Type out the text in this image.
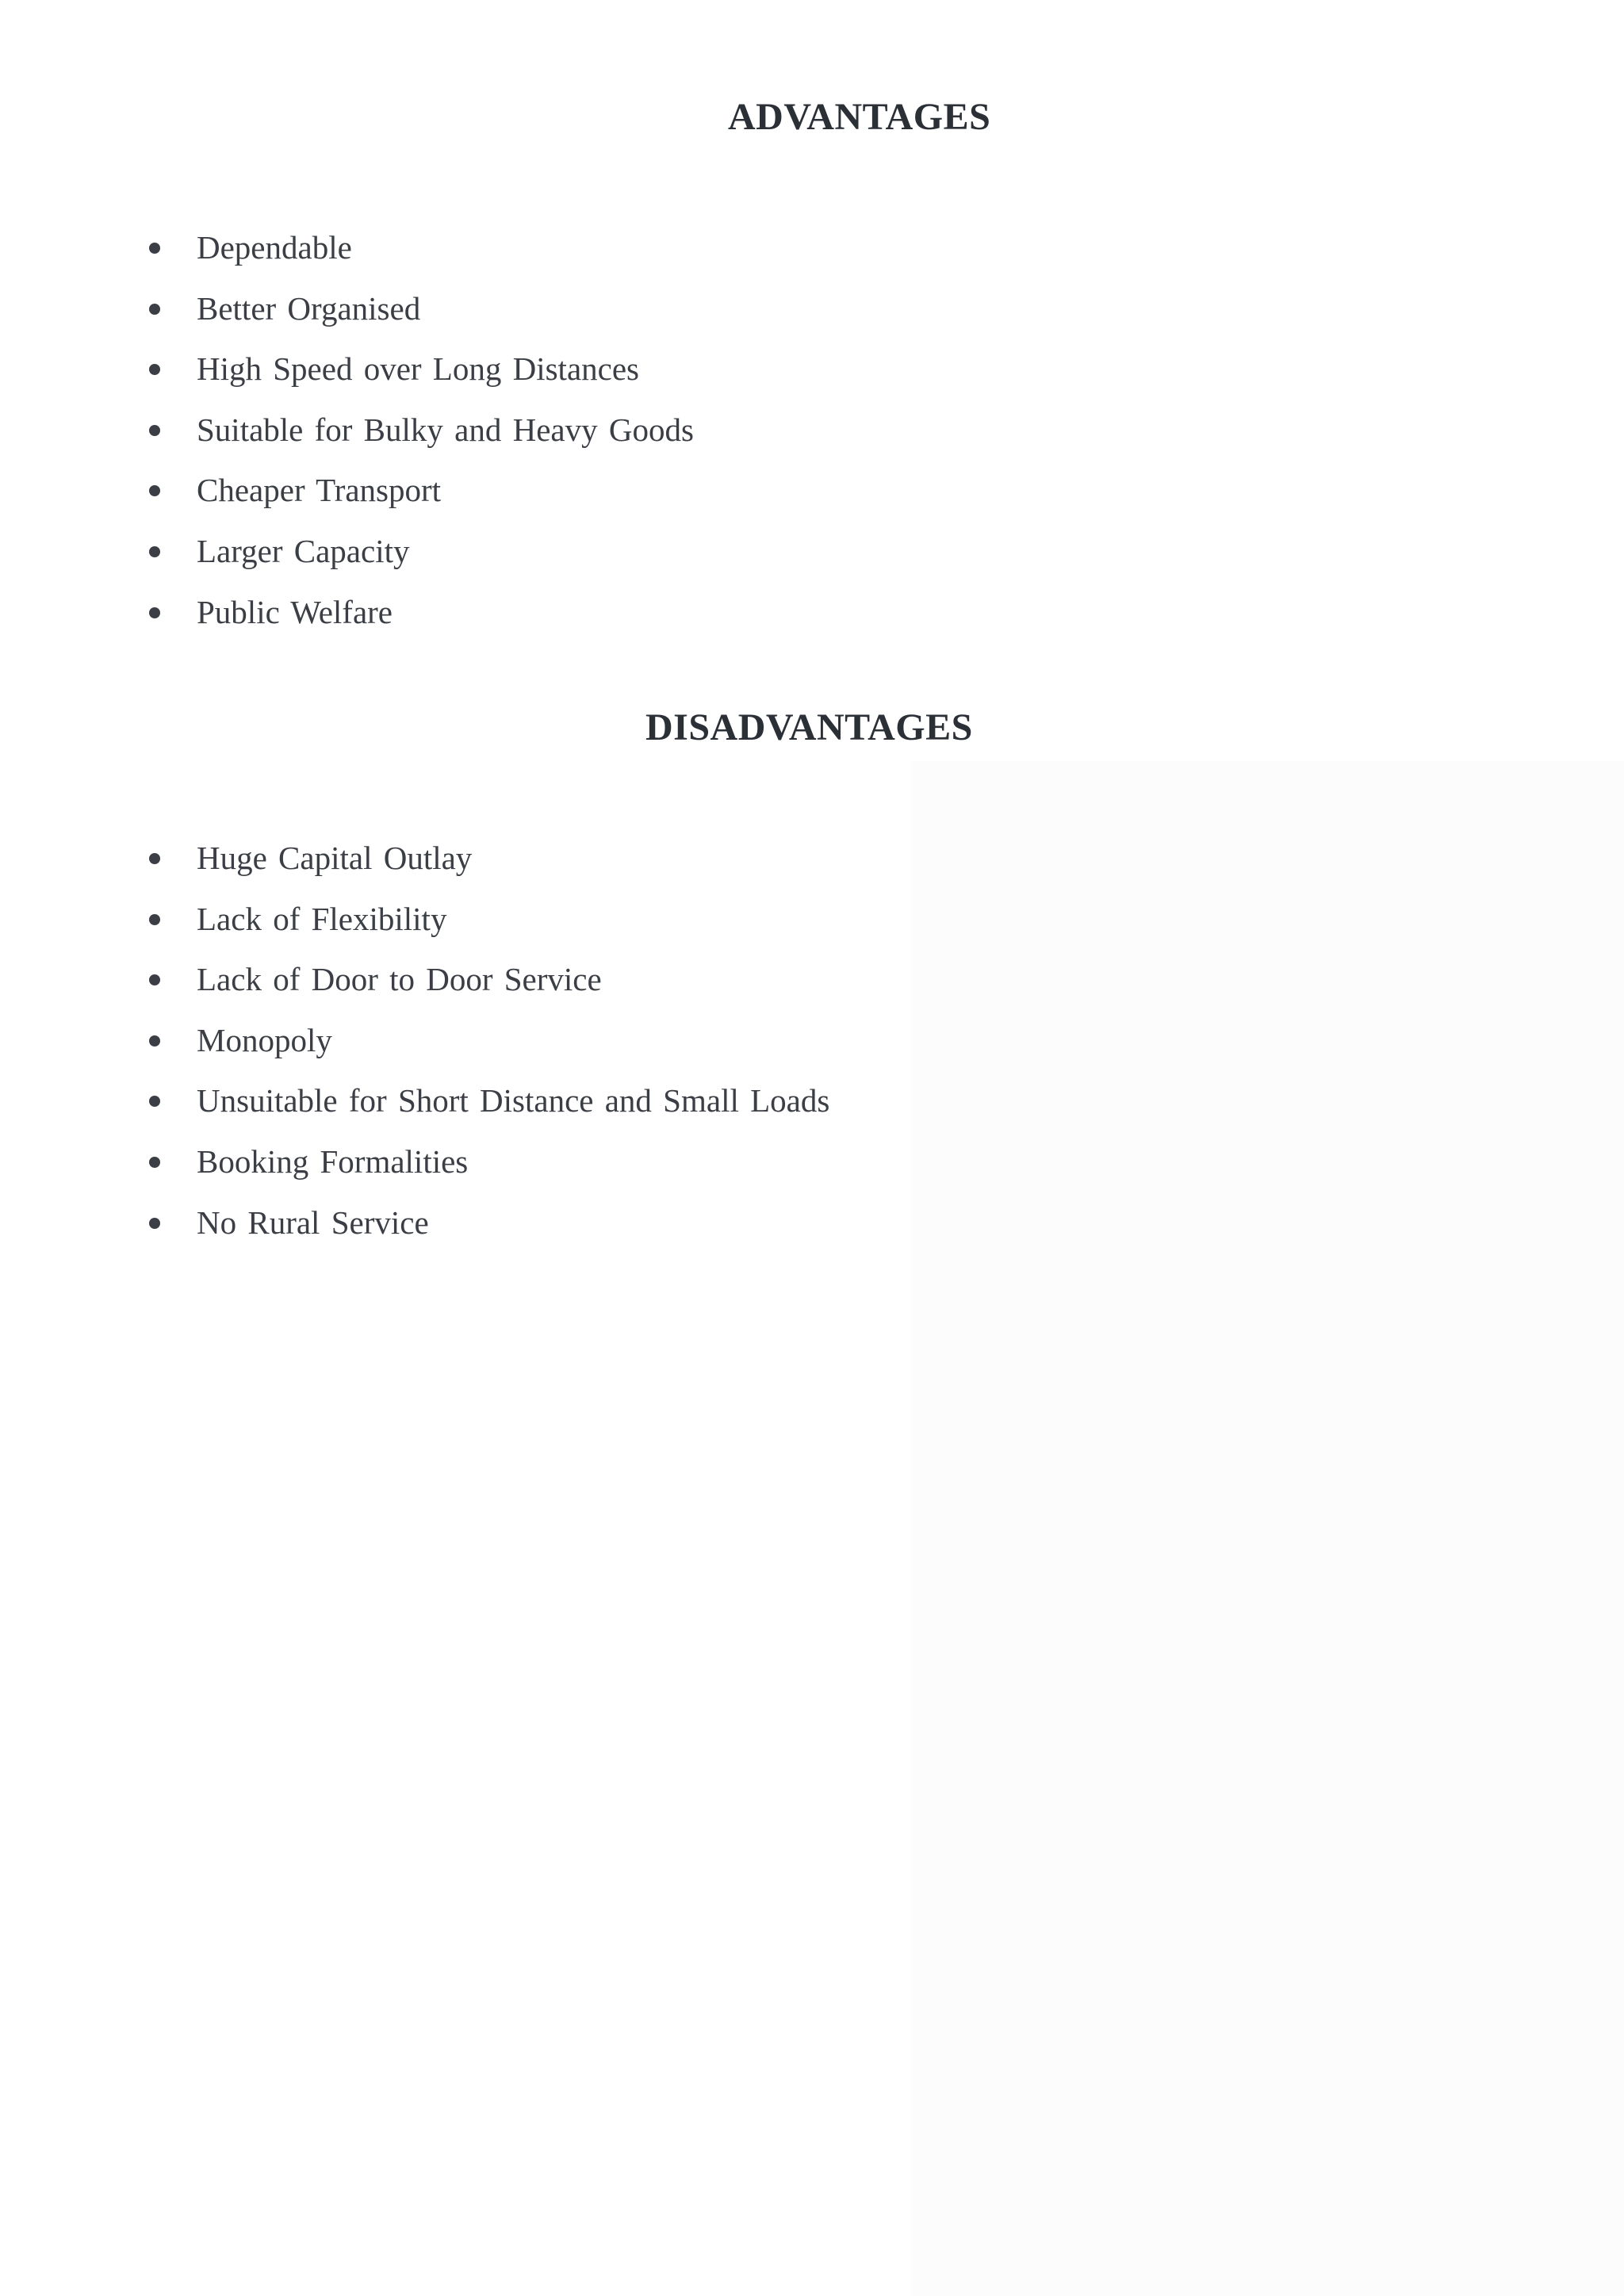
ADVANTAGES
Dependable
Better Organised
High Speed over Long Distances
Suitable for Bulky and Heavy Goods
Cheaper Transport
Larger Capacity
Public Welfare
DISADVANTAGES
Huge Capital Outlay
Lack of Flexibility
Lack of Door to Door Service
Monopoly
Unsuitable for Short Distance and Small Loads
Booking Formalities
No Rural Service
